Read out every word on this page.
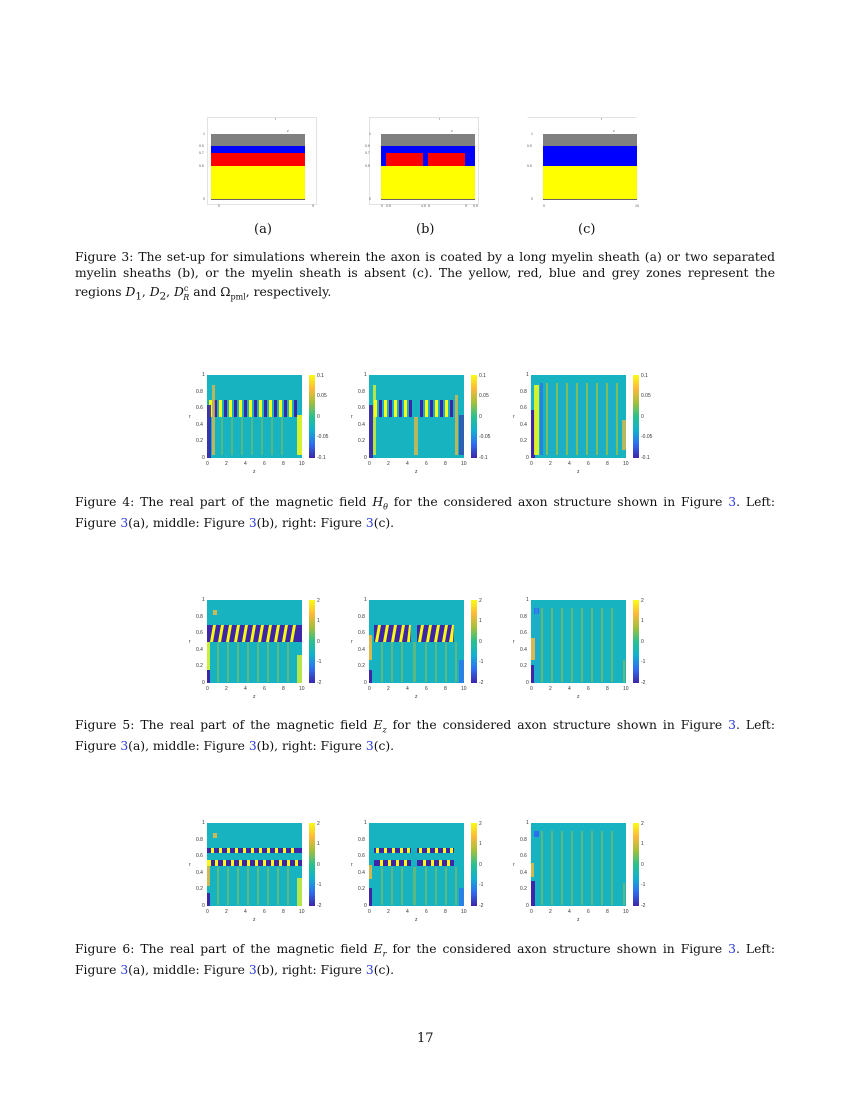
r
z
1
0.9
0.7
0.5
0
0	9
r
z
1
0.9
0.7
0.5
0
0 0.5	4.5 5	9 9.5
r
z
1
0.9
0.5
0
0	10
(a)	(b)	(c)
Figure 3: The set-up for simulations wherein the axon is coated by a long myelin sheath (a) or two separated myelin sheaths (b), or the myelin sheath is absent (c). The yellow, red, blue and grey zones represent the regions $D_1$, $D_2$, $D^c_R$ and $\Omega_{pml}$, respectively.
0.1
0.05
0
-0.05
-0.1
1
0.8
0.6
0.4
0.2
0
r
0	2	4	6	8	10
z
0.1
0.05
0
-0.05
-0.1
1
0.8
0.6
0.4
0.2
0
r
0	2	4	6	8	10
z
0.1
0.05
0
-0.05
-0.1
1
0.8
0.6
0.4
0.2
0
r
0	2	4	6	8	10
z
Figure 4: The real part of the magnetic field $H_\theta$ for the considered axon structure shown in Figure 3. Left: Figure 3(a), middle: Figure 3(b), right: Figure 3(c).
2
1
0
-1
-2
1
0.8
0.6
0.4
0.2
0
r
0	2	4	6	8	10
z
2
1
0
-1
-2
1
0.8
0.6
0.4
0.2
0
r
0	2	4	6	8	10
z
2
1
0
-1
-2
1
0.8
0.6
0.4
0.2
0
r
0	2	4	6	8	10
z
Figure 5: The real part of the magnetic field $E_z$ for the considered axon structure shown in Figure 3. Left: Figure 3(a), middle: Figure 3(b), right: Figure 3(c).
2
1
0
-1
-2
1
0.8
0.6
0.4
0.2
0
r
0	2	4	6	8	10
z
2
1
0
-1
-2
1
0.8
0.6
0.4
0.2
0
r
0	2	4	6	8	10
z
2
1
0
-1
-2
1
0.8
0.6
0.4
0.2
0
r
0	2	4	6	8	10
z
Figure 6: The real part of the magnetic field $E_r$ for the considered axon structure shown in Figure 3. Left: Figure 3(a), middle: Figure 3(b), right: Figure 3(c).
17
